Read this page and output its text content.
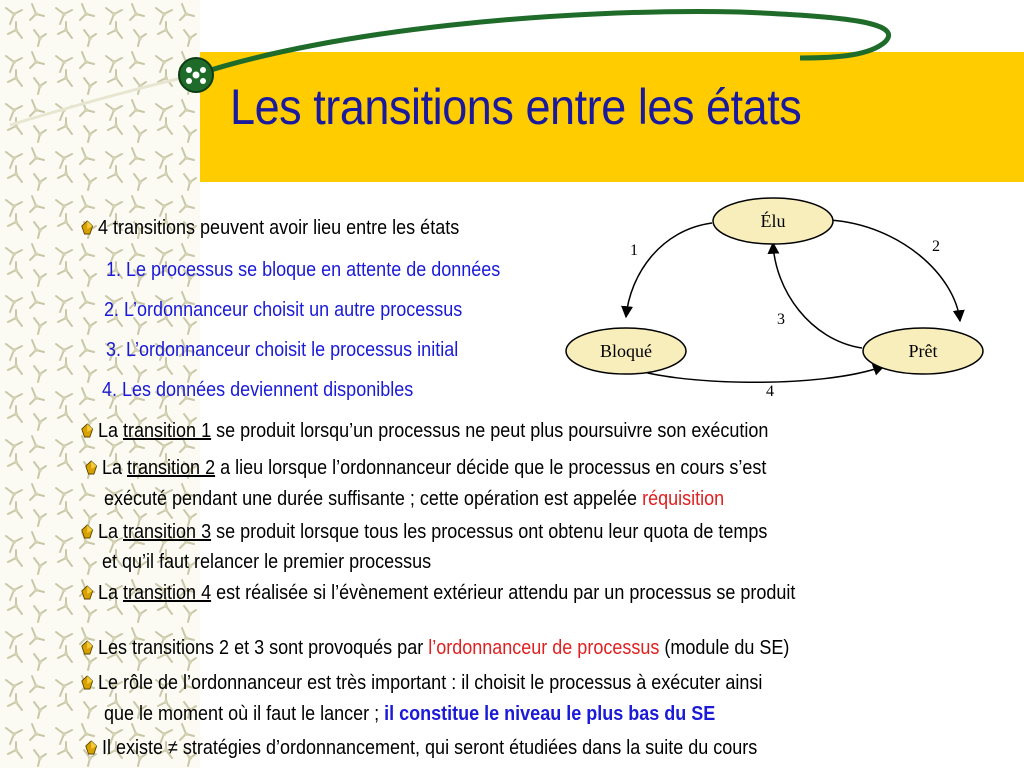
Les transitions entre les états
Élu
Bloqué	Prêt
1	2
3
4
4 transitions peuvent avoir lieu entre les états
1. Le processus se bloque en attente de données
2. L’ordonnanceur choisit un autre processus
3. L’ordonnanceur choisit le processus initial
4. Les données deviennent disponibles
La transition 1 se produit lorsqu’un processus ne peut plus poursuivre son exécution
La transition 2 a lieu lorsque l’ordonnanceur décide que le processus en cours s’est
exécuté pendant une durée suffisante ; cette opération est appelée réquisition
La transition 3 se produit lorsque tous les processus ont obtenu leur quota de temps
et qu’il faut relancer le premier processus
La transition 4 est réalisée si l’évènement extérieur attendu par un processus se produit
Les transitions 2 et 3 sont provoqués par l’ordonnanceur de processus (module du SE)
Le rôle de l’ordonnanceur est très important : il choisit le processus à exécuter ainsi
que le moment où il faut le lancer ; il constitue le niveau le plus bas du SE
Il existe ≠ stratégies d’ordonnancement, qui seront étudiées dans la suite du cours
